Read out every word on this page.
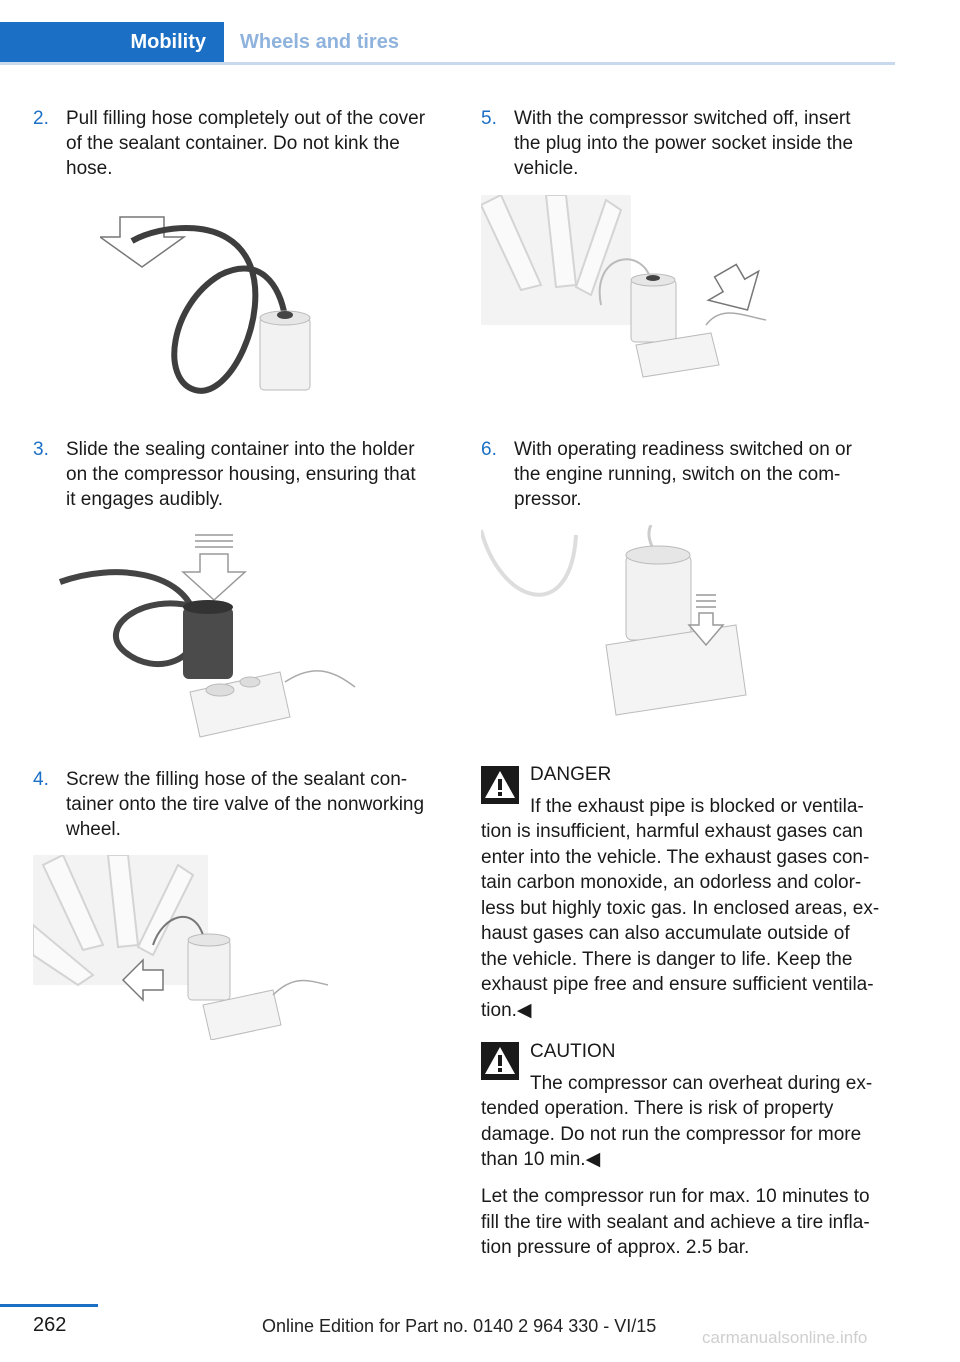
Mobility Wheels and tires
2. Pull filling hose completely out of the cover
of the sealant container. Do not kink the
hose.
3. Slide the sealing container into the holder
on the compressor housing, ensuring that
it engages audibly.
4. Screw the filling hose of the sealant con‐
tainer onto the tire valve of the nonworking
wheel.
5. With the compressor switched off, insert
the plug into the power socket inside the
vehicle.
6. With operating readiness switched on or
the engine running, switch on the com‐
pressor.
DANGER
If the exhaust pipe is blocked or ventila‐
tion is insufficient, harmful exhaust gases can
enter into the vehicle. The exhaust gases con‐
tain carbon monoxide, an odorless and color‐
less but highly toxic gas. In enclosed areas, ex‐
haust gases can also accumulate outside of
the vehicle. There is danger to life. Keep the
exhaust pipe free and ensure sufficient ventila‐
tion.◀
CAUTION
The compressor can overheat during ex‐
tended operation. There is risk of property
damage. Do not run the compressor for more
than 10 min.◀
Let the compressor run for max. 10 minutes to
fill the tire with sealant and achieve a tire infla‐
tion pressure of approx. 2.5 bar.
262	Online Edition for Part no. 0140 2 964 330 - VI/15
carmanualsonline.info
